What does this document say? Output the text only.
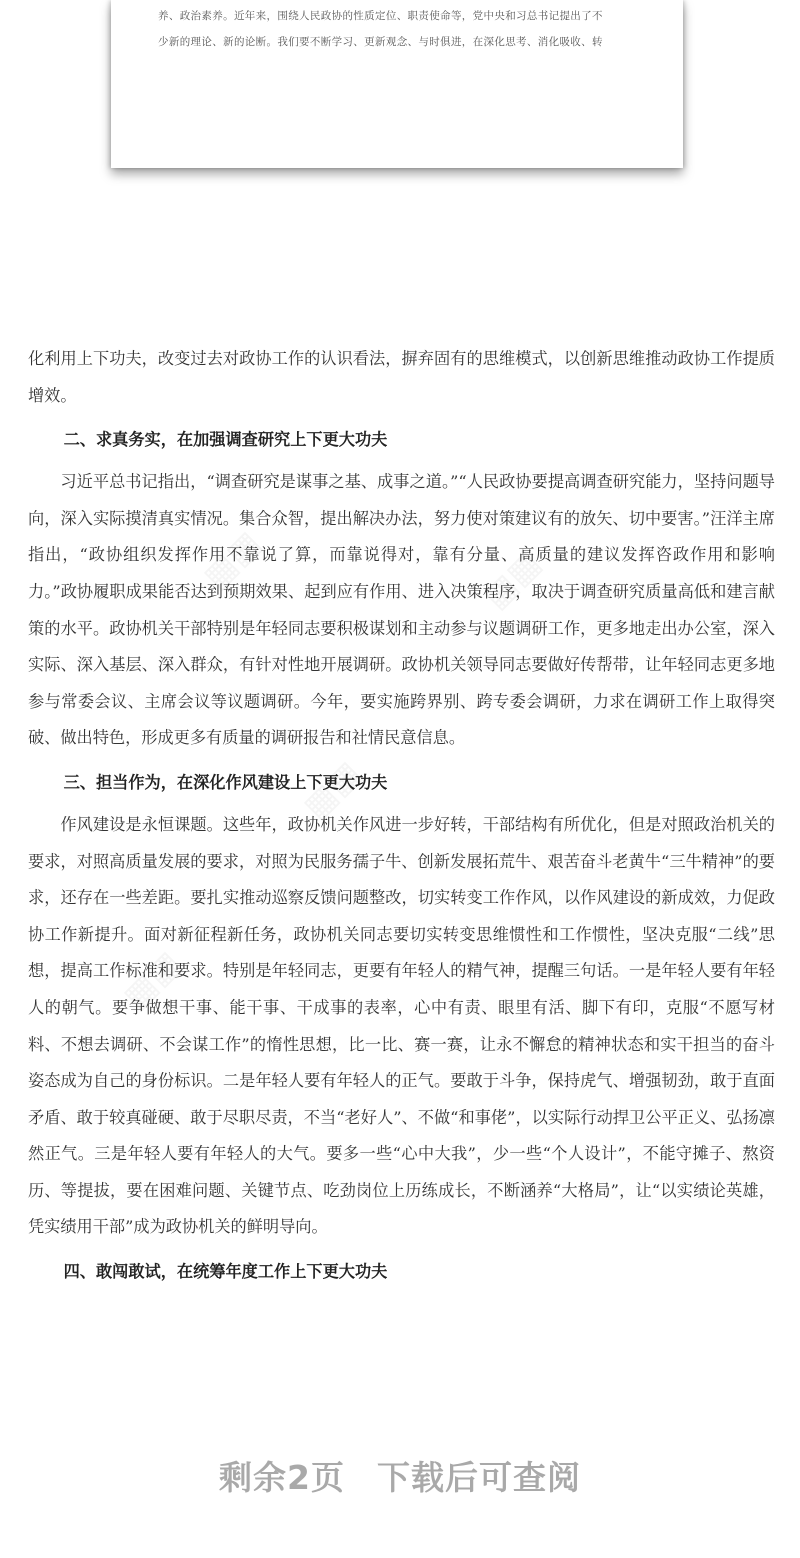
养、政治素养。近年来，围绕人民政协的性质定位、职责使命等，党中央和习总书记提出了不
少新的理论、新的论断。我们要不断学习、更新观念、与时俱进，在深化思考、消化吸收、转
▦▦	▦▦
▦▦
▦▦

化利用上下功夫，改变过去对政协工作的认识看法，摒弃固有的思维模式，以创新思维推动政协工作提质增效。

二、求真务实，在加强调查研究上下更大功夫

习近平总书记指出，“调查研究是谋事之基、成事之道。”“人民政协要提高调查研究能力，坚持问题导向，深入实际摸清真实情况。集合众智，提出解决办法，努力使对策建议有的放矢、切中要害。”汪洋主席指出，“政协组织发挥作用不靠说了算，而靠说得对，靠有分量、高质量的建议发挥咨政作用和影响力。”政协履职成果能否达到预期效果、起到应有作用、进入决策程序，取决于调查研究质量高低和建言献策的水平。政协机关干部特别是年轻同志要积极谋划和主动参与议题调研工作，更多地走出办公室，深入实际、深入基层、深入群众，有针对性地开展调研。政协机关领导同志要做好传帮带，让年轻同志更多地参与常委会议、主席会议等议题调研。今年，要实施跨界别、跨专委会调研，力求在调研工作上取得突破、做出特色，形成更多有质量的调研报告和社情民意信息。

三、担当作为，在深化作风建设上下更大功夫

作风建设是永恒课题。这些年，政协机关作风进一步好转，干部结构有所优化，但是对照政治机关的要求，对照高质量发展的要求，对照为民服务孺子牛、创新发展拓荒牛、艰苦奋斗老黄牛“三牛精神”的要求，还存在一些差距。要扎实推动巡察反馈问题整改，切实转变工作作风，以作风建设的新成效，力促政协工作新提升。面对新征程新任务，政协机关同志要切实转变思维惯性和工作惯性，坚决克服“二线”思想，提高工作标准和要求。特别是年轻同志，更要有年轻人的精气神，提醒三句话。一是年轻人要有年轻人的朝气。要争做想干事、能干事、干成事的表率，心中有责、眼里有活、脚下有印，克服“不愿写材料、不想去调研、不会谋工作”的惰性思想，比一比、赛一赛，让永不懈怠的精神状态和实干担当的奋斗姿态成为自己的身份标识。二是年轻人要有年轻人的正气。要敢于斗争，保持虎气、增强韧劲，敢于直面矛盾、敢于较真碰硬、敢于尽职尽责，不当“老好人”、不做“和事佬”，以实际行动捍卫公平正义、弘扬凛然正气。三是年轻人要有年轻人的大气。要多一些“心中大我”，少一些“个人设计”，不能守摊子、熬资历、等提拔，要在困难问题、关键节点、吃劲岗位上历练成长，不断涵养“大格局”，让“以实绩论英雄，凭实绩用干部”成为政协机关的鲜明导向。

四、敢闯敢试，在统筹年度工作上下更大功夫
剩余2页 下载后可查阅
